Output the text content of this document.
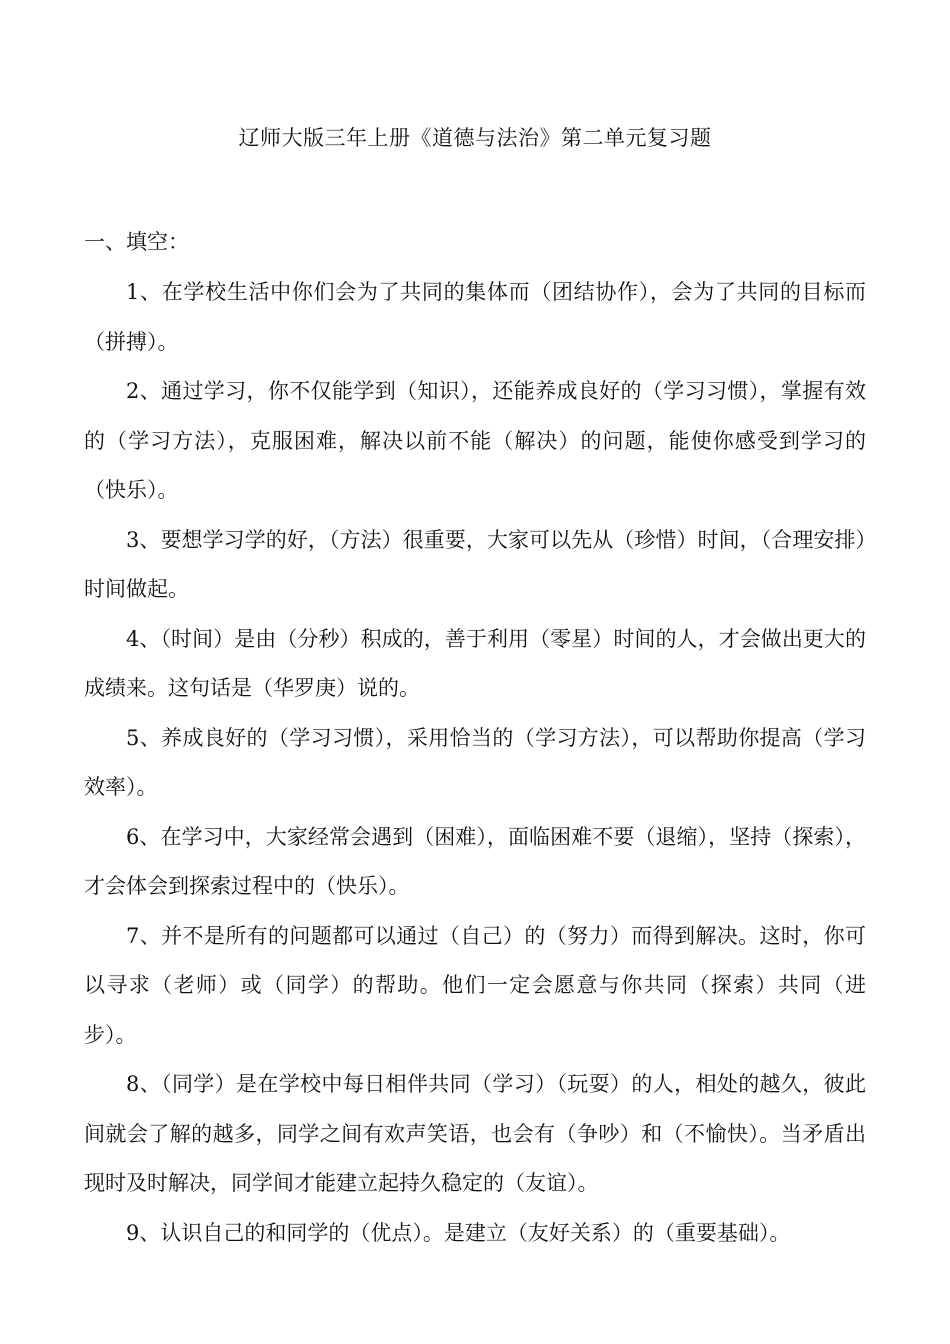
辽师大版三年上册《道德与法治》第二单元复习题
一、填空：

1、在学校生活中你们会为了共同的集体而（团结协作），会为了共同的目标而（拼搏）。

2、通过学习，你不仅能学到（知识），还能养成良好的（学习习惯），掌握有效的（学习方法），克服困难，解决以前不能（解决）的问题，能使你感受到学习的（快乐）。

3、要想学习学的好，（方法）很重要，大家可以先从（珍惜）时间，（合理安排）时间做起。

4、（时间）是由（分秒）积成的，善于利用（零星）时间的人，才会做出更大的成绩来。这句话是（华罗庚）说的。

5、养成良好的（学习习惯），采用恰当的（学习方法），可以帮助你提高（学习效率）。

6、在学习中，大家经常会遇到（困难），面临困难不要（退缩），坚持（探索），才会体会到探索过程中的（快乐）。

7、并不是所有的问题都可以通过（自己）的（努力）而得到解决。这时，你可以寻求（老师）或（同学）的帮助。他们一定会愿意与你共同（探索）共同（进步）。

8、（同学）是在学校中每日相伴共同（学习）（玩耍）的人，相处的越久，彼此间就会了解的越多，同学之间有欢声笑语，也会有（争吵）和（不愉快）。当矛盾出现时及时解决，同学间才能建立起持久稳定的（友谊）。

9、认识自己的和同学的（优点）。是建立（友好关系）的（重要基础）。
